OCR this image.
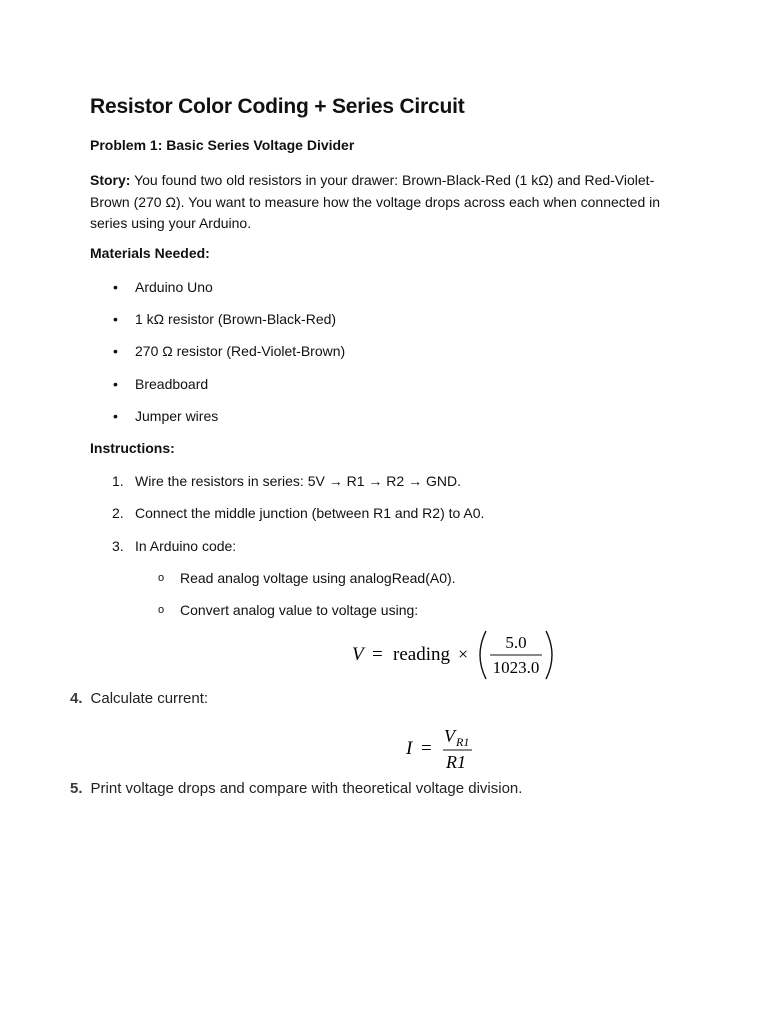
Resistor Color Coding + Series Circuit

Problem 1: Basic Series Voltage Divider

Story: You found two old resistors in your drawer: Brown-Black-Red (1 kΩ) and Red-Violet-Brown (270 Ω). You want to measure how the voltage drops across each when connected in series using your Arduino.

Materials Needed:

• Arduino Uno
• 1 kΩ resistor (Brown-Black-Red)
• 270 Ω resistor (Red-Violet-Brown)
• Breadboard
• Jumper wires

Instructions:

1. Wire the resistors in series: 5V → R1 → R2 → GND.
2. Connect the middle junction (between R1 and R2) to A0.
3. In Arduino code:
o Read analog voltage using analogRead(A0).
o Convert analog value to voltage using:
V = reading ×
5.0
1023.0
4. Calculate current:
I =
V R1
R1
5. Print voltage drops and compare with theoretical voltage division.
